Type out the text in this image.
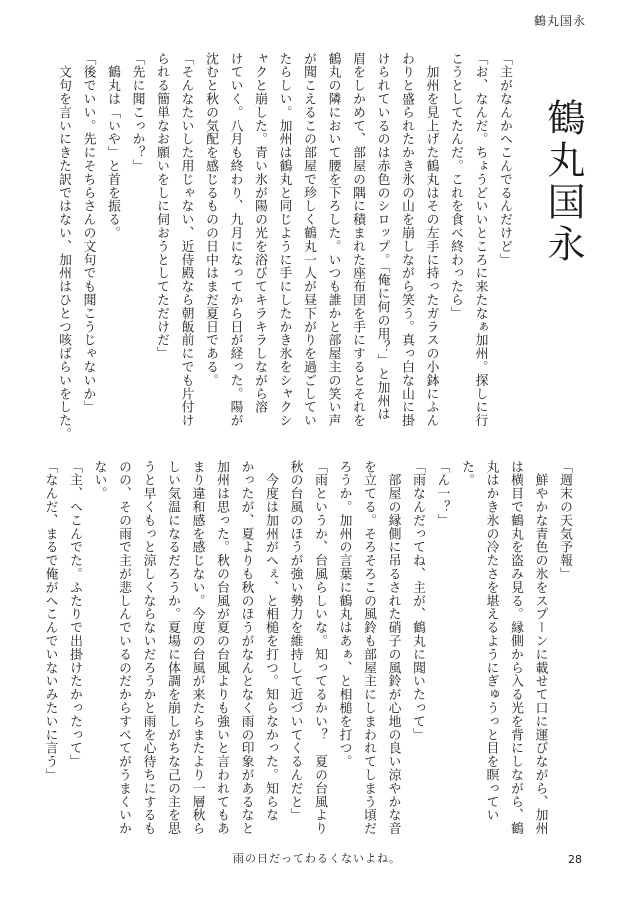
鶴丸国永
鶴丸国永

「主がなんかへこんでるんだけど」

「お、なんだ。ちょうどいいところに来たなぁ加州。探しに行

こうとしてたんだ。これを食べ終わったら」

　加州を見上げた鶴丸はその左手に持ったガラスの小鉢にふん

わりと盛られたかき氷の山を崩しながら笑う。真っ白な山に掛

けられているのは赤色のシロップ。「俺に何の用？」と加州は

眉をしかめて、部屋の隅に積まれた座布団を手にするとそれを

鶴丸の隣において腰を下ろした。いつも誰かと部屋主の笑い声

が聞こえるこの部屋で珍しく鶴丸一人が昼下がりを過ごしてい

たらしい。加州は鶴丸と同じように手にしたかき氷をシャクシ

ャクと崩した。青い氷が陽の光を浴びてキラキラしながら溶

けていく。八月も終わり、九月になってから日が経った。陽が

沈むと秋の気配を感じるものの日中はまだ夏日である。

「そんなたいした用じゃない、近侍殿なら朝飯前にでも片付け

られる簡単なお願いをしに伺おうとしてただけだ」

「先に聞こっか？」

　鶴丸は「いや」と首を振る。

「後でいい。先にそちらさんの文句でも聞こうじゃないか」

　文句を言いにきた訳ではない、加州はひとつ咳ばらいをした。

「週末の天気予報」

　鮮やかな青色の氷をスプーンに載せて口に運びながら、加州

は横目で鶴丸を盗み見る。縁側から入る光を背にしながら、鶴

丸はかき氷の冷たさを堪えるようにぎゅうっと目を瞑ってい

た。

「ん一？」

「雨なんだってね、主が、鶴丸に聞いたって」

　部屋の縁側に吊るされた硝子の風鈴が心地の良い涼やかな音

を立てる。そろそろこの風鈴も部屋主にしまわれてしまう頃だ

ろうか。加州の言葉に鶴丸はあぁ、と相槌を打つ。

「雨というか、台風らしいな。知ってるかい？　夏の台風より

秋の台風のほうが強い勢力を維持して近づいてくるんだと」

　今度は加州がへぇ、と相槌を打つ。知らなかった。知らな

かったが、夏よりも秋のほうがなんとなく雨の印象があるなと

加州は思った。秋の台風が夏の台風よりも強いと言われてもあ

まり違和感を感じない。今度の台風が来たらまたより一層秋ら

しい気温になるだろうか。夏場に体調を崩しがちな己の主を思

うと早くもっと涼しくならないだろうかと雨を心待ちにするも

のの、その雨で主が悲しんでいるのだからすべてがうまくいか

ない。

「主、へこんでた。ふたりで出掛けたかったって」

「なんだ、まるで俺がへこんでいないみたいに言う」

雨の日だってわるくないよね。	28
